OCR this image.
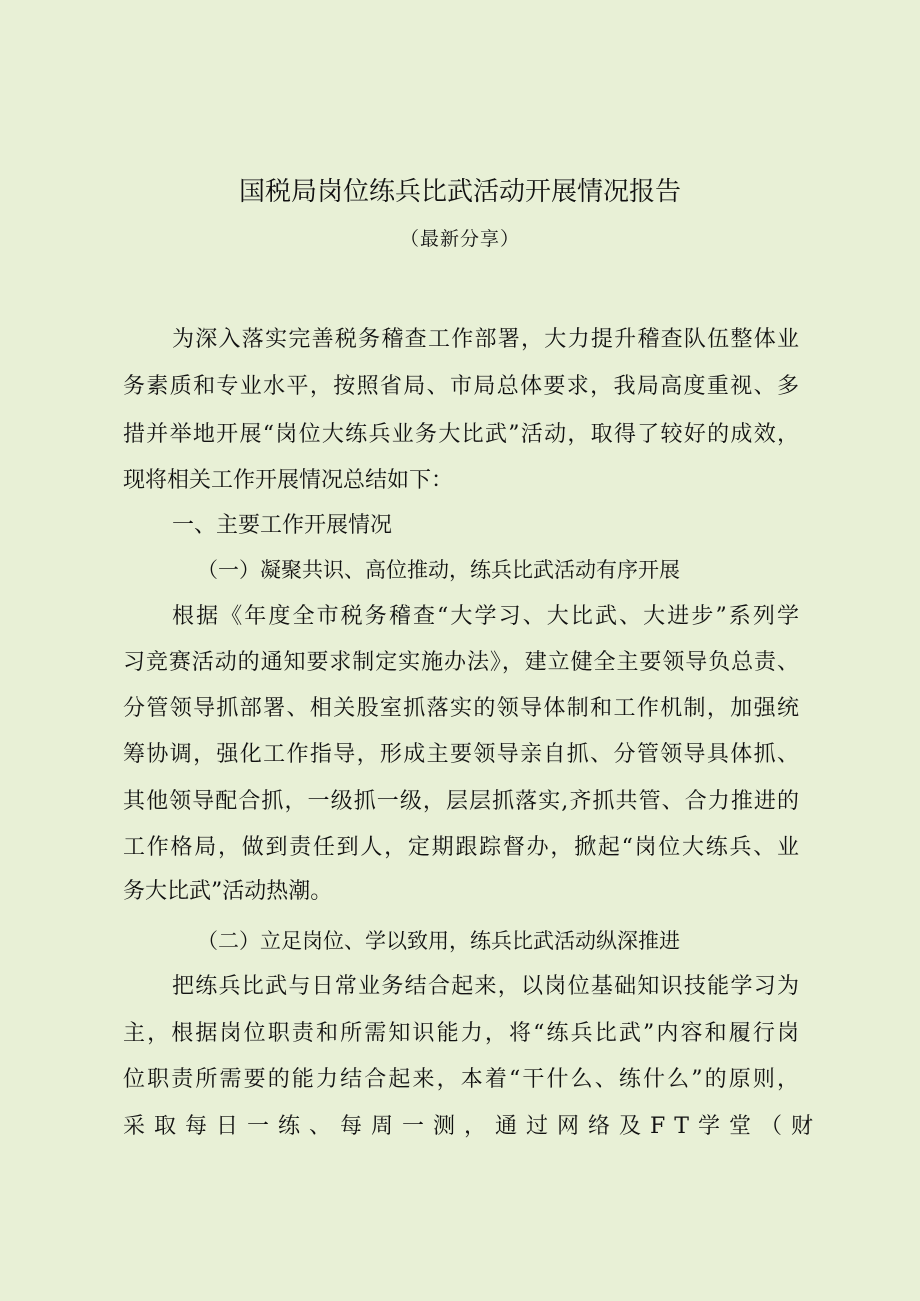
国税局岗位练兵比武活动开展情况报告
（最新分享）
为深入落实完善税务稽查工作部署，大力提升稽查队伍整体业
务素质和专业水平，按照省局、市局总体要求，我局高度重视、多
措并举地开展“岗位大练兵业务大比武”活动，取得了较好的成效，
现将相关工作开展情况总结如下：
一、主要工作开展情况
（一）凝聚共识、高位推动，练兵比武活动有序开展
根据《年度全市税务稽查“大学习、大比武、大进步”系列学
习竞赛活动的通知要求制定实施办法》，建立健全主要领导负总责、
分管领导抓部署、相关股室抓落实的领导体制和工作机制，加强统
筹协调，强化工作指导，形成主要领导亲自抓、分管领导具体抓、
其他领导配合抓，一级抓一级，层层抓落实,齐抓共管、合力推进的
工作格局，做到责任到人，定期跟踪督办，掀起“岗位大练兵、业
务大比武”活动热潮。
（二）立足岗位、学以致用，练兵比武活动纵深推进
把练兵比武与日常业务结合起来，以岗位基础知识技能学习为
主，根据岗位职责和所需知识能力，将“练兵比武”内容和履行岗
位职责所需要的能力结合起来，本着“干什么、练什么”的原则，
采取每日一练、每周一测，通过网络及FT学堂（财
